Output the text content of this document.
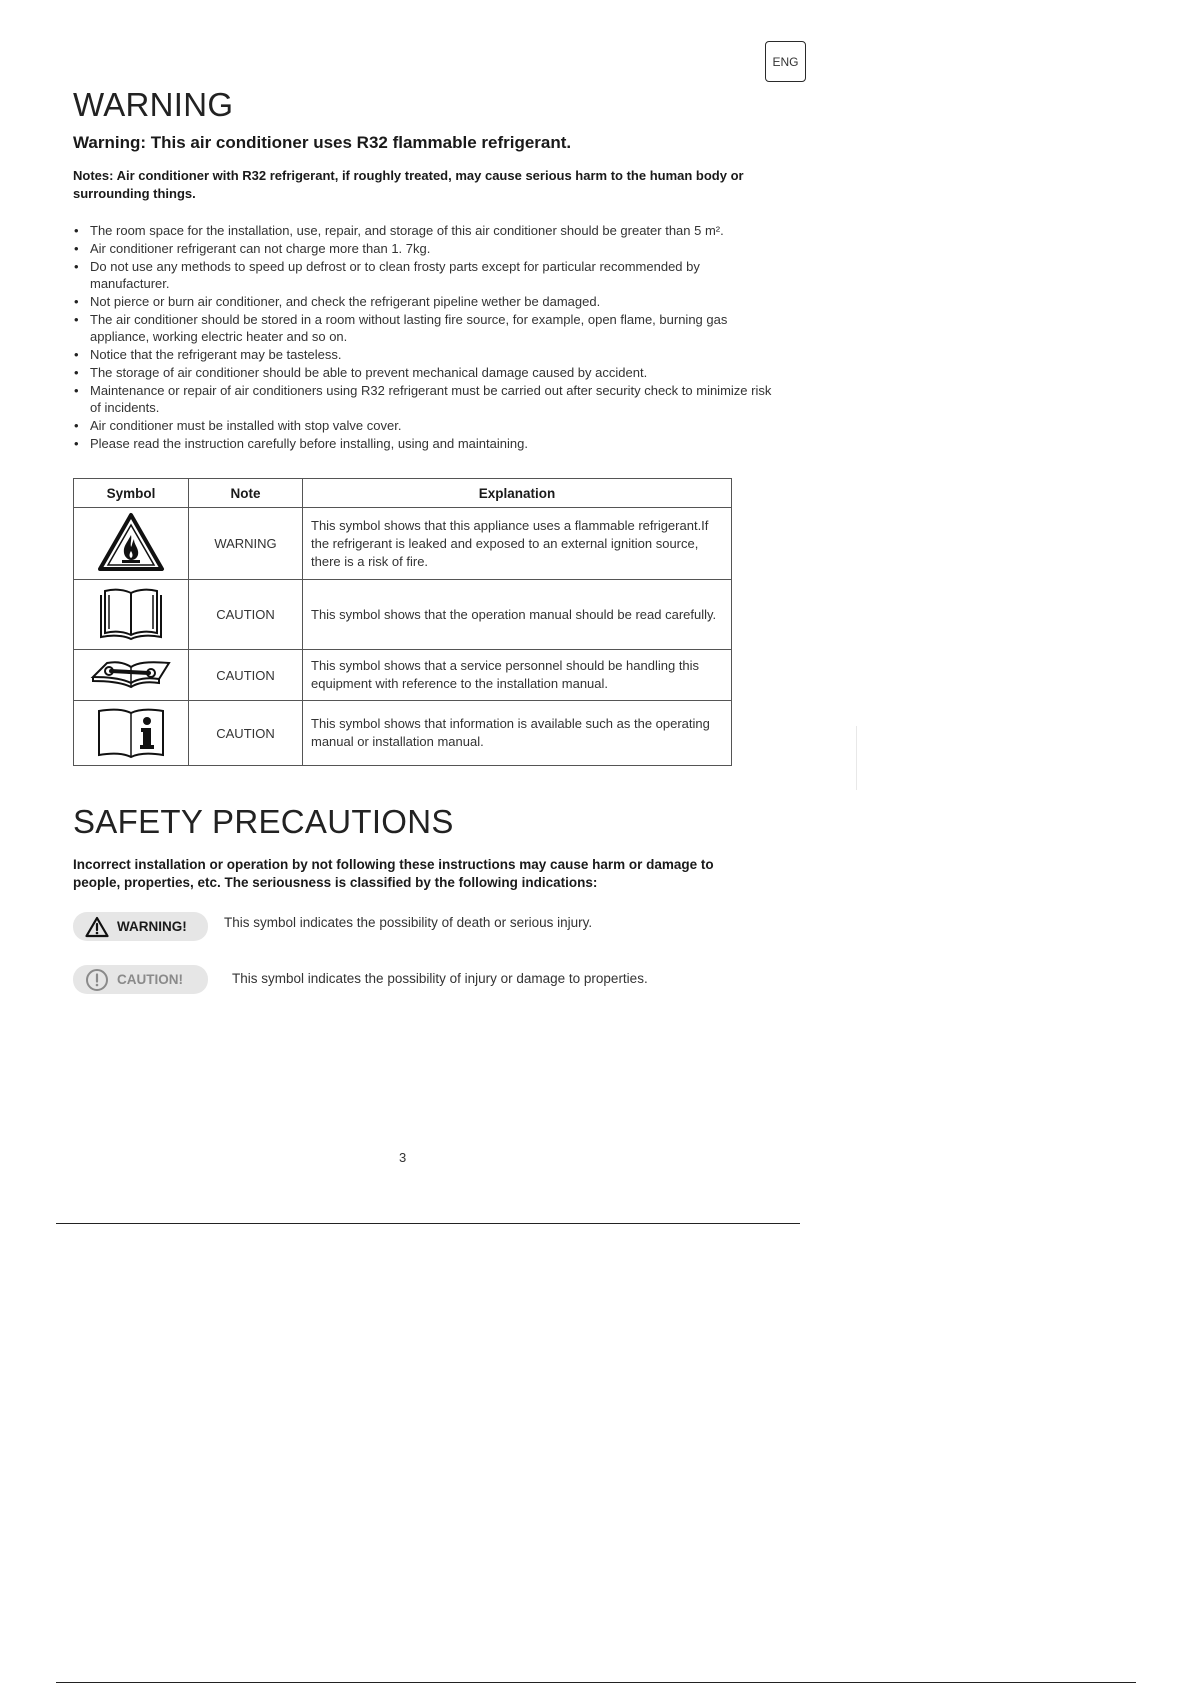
ENG
WARNING

Warning: This air conditioner uses R32 flammable refrigerant.

Notes: Air conditioner with R32 refrigerant, if roughly treated, may cause serious harm to the human body or surrounding things.

• The room space for the installation, use, repair, and storage of this air conditioner should be greater than 5 m².
• Air conditioner refrigerant can not charge more than 1. 7kg.
• Do not use any methods to speed up defrost or to clean frosty parts except for particular recommended by manufacturer.
• Not pierce or burn air conditioner, and check the refrigerant pipeline wether be damaged.
• The air conditioner should be stored in a room without lasting fire source, for example, open flame, burning gas appliance, working electric heater and so on.
• Notice that the refrigerant may be tasteless.
• The storage of air conditioner should be able to prevent mechanical damage caused by accident.
• Maintenance or repair of air conditioners using R32 refrigerant must be carried out after security check to minimize risk of incidents.
• Air conditioner must be installed with stop valve cover.
• Please read the instruction carefully before installing, using and maintaining.
Symbol	Note	Explanation
	WARNING	This symbol shows that this appliance uses a flammable refrigerant.If the refrigerant is leaked and exposed to an external ignition source, there is a risk of fire.
	CAUTION	This symbol shows that the operation manual should be read carefully.
	CAUTION	This symbol shows that a service personnel should be handling this equipment with reference to the installation manual.
	CAUTION	This symbol shows that information is available such as the operating manual or installation manual.
SAFETY PRECAUTIONS

Incorrect installation or operation by not following these instructions may cause harm or damage to people, properties, etc. The seriousness is classified by the following indications:

WARNING!	This symbol indicates the possibility of death or serious injury.

CAUTION!	This symbol indicates the possibility of injury or damage to properties.

3
